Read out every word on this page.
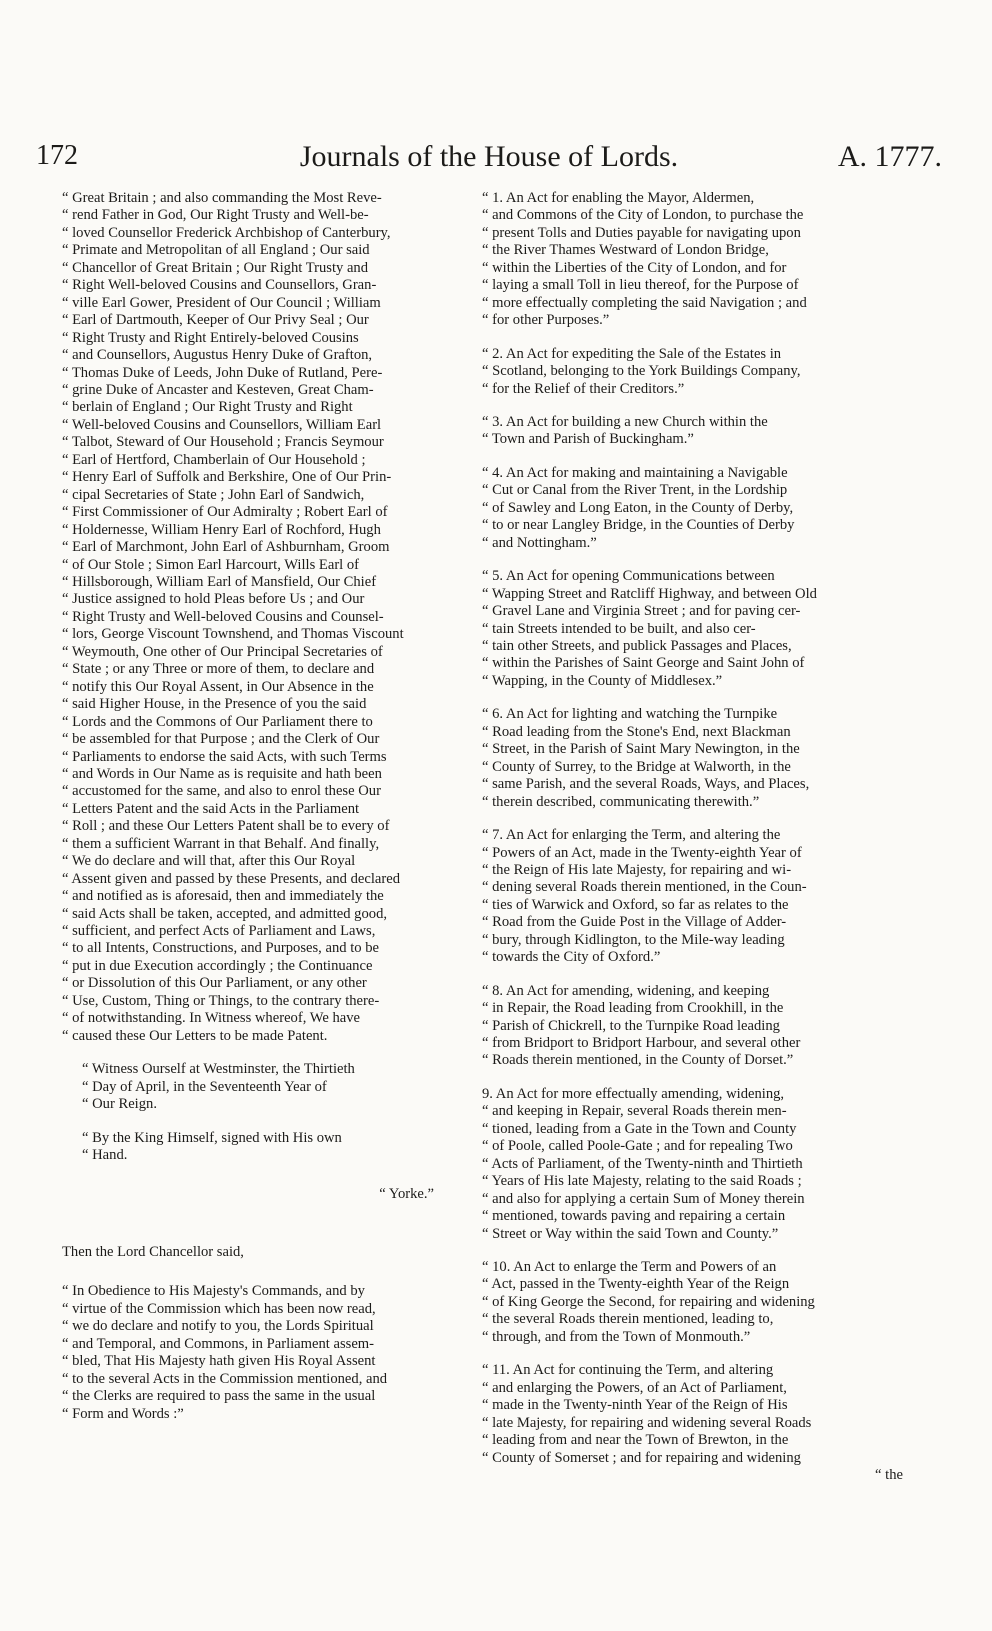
172	Journals of the House of Lords.	A. 1777.

“ Great Britain ; and also commanding the Most Reve-
“ rend Father in God, Our Right Trusty and Well-be-
“ loved Counsellor Frederick Archbishop of Canterbury,
“ Primate and Metropolitan of all England ; Our said
“ Chancellor of Great Britain ; Our Right Trusty and
“ Right Well-beloved Cousins and Counsellors, Gran-
“ ville Earl Gower, President of Our Council ; William
“ Earl of Dartmouth, Keeper of Our Privy Seal ; Our
“ Right Trusty and Right Entirely-beloved Cousins
“ and Counsellors, Augustus Henry Duke of Grafton,
“ Thomas Duke of Leeds, John Duke of Rutland, Pere-
“ grine Duke of Ancaster and Kesteven, Great Cham-
“ berlain of England ; Our Right Trusty and Right
“ Well-beloved Cousins and Counsellors, William Earl
“ Talbot, Steward of Our Household ; Francis Seymour
“ Earl of Hertford, Chamberlain of Our Household ;
“ Henry Earl of Suffolk and Berkshire, One of Our Prin-
“ cipal Secretaries of State ; John Earl of Sandwich,
“ First Commissioner of Our Admiralty ; Robert Earl of
“ Holdernesse, William Henry Earl of Rochford, Hugh
“ Earl of Marchmont, John Earl of Ashburnham, Groom
“ of Our Stole ; Simon Earl Harcourt, Wills Earl of
“ Hillsborough, William Earl of Mansfield, Our Chief
“ Justice assigned to hold Pleas before Us ; and Our
“ Right Trusty and Well-beloved Cousins and Counsel-
“ lors, George Viscount Townshend, and Thomas Viscount
“ Weymouth, One other of Our Principal Secretaries of
“ State ; or any Three or more of them, to declare and
“ notify this Our Royal Assent, in Our Absence in the
“ said Higher House, in the Presence of you the said
“ Lords and the Commons of Our Parliament there to
“ be assembled for that Purpose ; and the Clerk of Our
“ Parliaments to endorse the said Acts, with such Terms
“ and Words in Our Name as is requisite and hath been
“ accustomed for the same, and also to enrol these Our
“ Letters Patent and the said Acts in the Parliament
“ Roll ; and these Our Letters Patent shall be to every of
“ them a sufficient Warrant in that Behalf. And finally,
“ We do declare and will that, after this Our Royal
“ Assent given and passed by these Presents, and declared
“ and notified as is aforesaid, then and immediately the
“ said Acts shall be taken, accepted, and admitted good,
“ sufficient, and perfect Acts of Parliament and Laws,
“ to all Intents, Constructions, and Purposes, and to be
“ put in due Execution accordingly ; the Continuance
“ or Dissolution of this Our Parliament, or any other
“ Use, Custom, Thing or Things, to the contrary there-
“ of notwithstanding. In Witness whereof, We have
“ caused these Our Letters to be made Patent.

“ Witness Ourself at Westminster, the Thirtieth
“ Day of April, in the Seventeenth Year of
“ Our Reign.

“ By the King Himself, signed with His own
“ Hand.

“ Yorke.”

Then the Lord Chancellor said,

“ In Obedience to His Majesty's Commands, and by
“ virtue of the Commission which has been now read,
“ we do declare and notify to you, the Lords Spiritual
“ and Temporal, and Commons, in Parliament assem-
“ bled, That His Majesty hath given His Royal Assent
“ to the several Acts in the Commission mentioned, and
“ the Clerks are required to pass the same in the usual
“ Form and Words :”

“ 1. An Act for enabling the Mayor, Aldermen,
“ and Commons of the City of London, to purchase the
“ present Tolls and Duties payable for navigating upon
“ the River Thames Westward of London Bridge,
“ within the Liberties of the City of London, and for
“ laying a small Toll in lieu thereof, for the Purpose of
“ more effectually completing the said Navigation ; and
“ for other Purposes.”

“ 2. An Act for expediting the Sale of the Estates in
“ Scotland, belonging to the York Buildings Company,
“ for the Relief of their Creditors.”

“ 3. An Act for building a new Church within the
“ Town and Parish of Buckingham.”

“ 4. An Act for making and maintaining a Navigable
“ Cut or Canal from the River Trent, in the Lordship
“ of Sawley and Long Eaton, in the County of Derby,
“ to or near Langley Bridge, in the Counties of Derby
“ and Nottingham.”

“ 5. An Act for opening Communications between
“ Wapping Street and Ratcliff Highway, and between Old
“ Gravel Lane and Virginia Street ; and for paving cer-
“ tain Streets intended to be built, and also cer-
“ tain other Streets, and publick Passages and Places,
“ within the Parishes of Saint George and Saint John of
“ Wapping, in the County of Middlesex.”

“ 6. An Act for lighting and watching the Turnpike
“ Road leading from the Stone's End, next Blackman
“ Street, in the Parish of Saint Mary Newington, in the
“ County of Surrey, to the Bridge at Walworth, in the
“ same Parish, and the several Roads, Ways, and Places,
“ therein described, communicating therewith.”

“ 7. An Act for enlarging the Term, and altering the
“ Powers of an Act, made in the Twenty-eighth Year of
“ the Reign of His late Majesty, for repairing and wi-
“ dening several Roads therein mentioned, in the Coun-
“ ties of Warwick and Oxford, so far as relates to the
“ Road from the Guide Post in the Village of Adder-
“ bury, through Kidlington, to the Mile-way leading
“ towards the City of Oxford.”

“ 8. An Act for amending, widening, and keeping
“ in Repair, the Road leading from Crookhill, in the
“ Parish of Chickrell, to the Turnpike Road leading
“ from Bridport to Bridport Harbour, and several other
“ Roads therein mentioned, in the County of Dorset.”

9. An Act for more effectually amending, widening,
“ and keeping in Repair, several Roads therein men-
“ tioned, leading from a Gate in the Town and County
“ of Poole, called Poole-Gate ; and for repealing Two
“ Acts of Parliament, of the Twenty-ninth and Thirtieth
“ Years of His late Majesty, relating to the said Roads ;
“ and also for applying a certain Sum of Money therein
“ mentioned, towards paving and repairing a certain
“ Street or Way within the said Town and County.”

“ 10. An Act to enlarge the Term and Powers of an
“ Act, passed in the Twenty-eighth Year of the Reign
“ of King George the Second, for repairing and widening
“ the several Roads therein mentioned, leading to,
“ through, and from the Town of Monmouth.”

“ 11. An Act for continuing the Term, and altering
“ and enlarging the Powers, of an Act of Parliament,
“ made in the Twenty-ninth Year of the Reign of His
“ late Majesty, for repairing and widening several Roads
“ leading from and near the Town of Brewton, in the
“ County of Somerset ; and for repairing and widening

“ the
